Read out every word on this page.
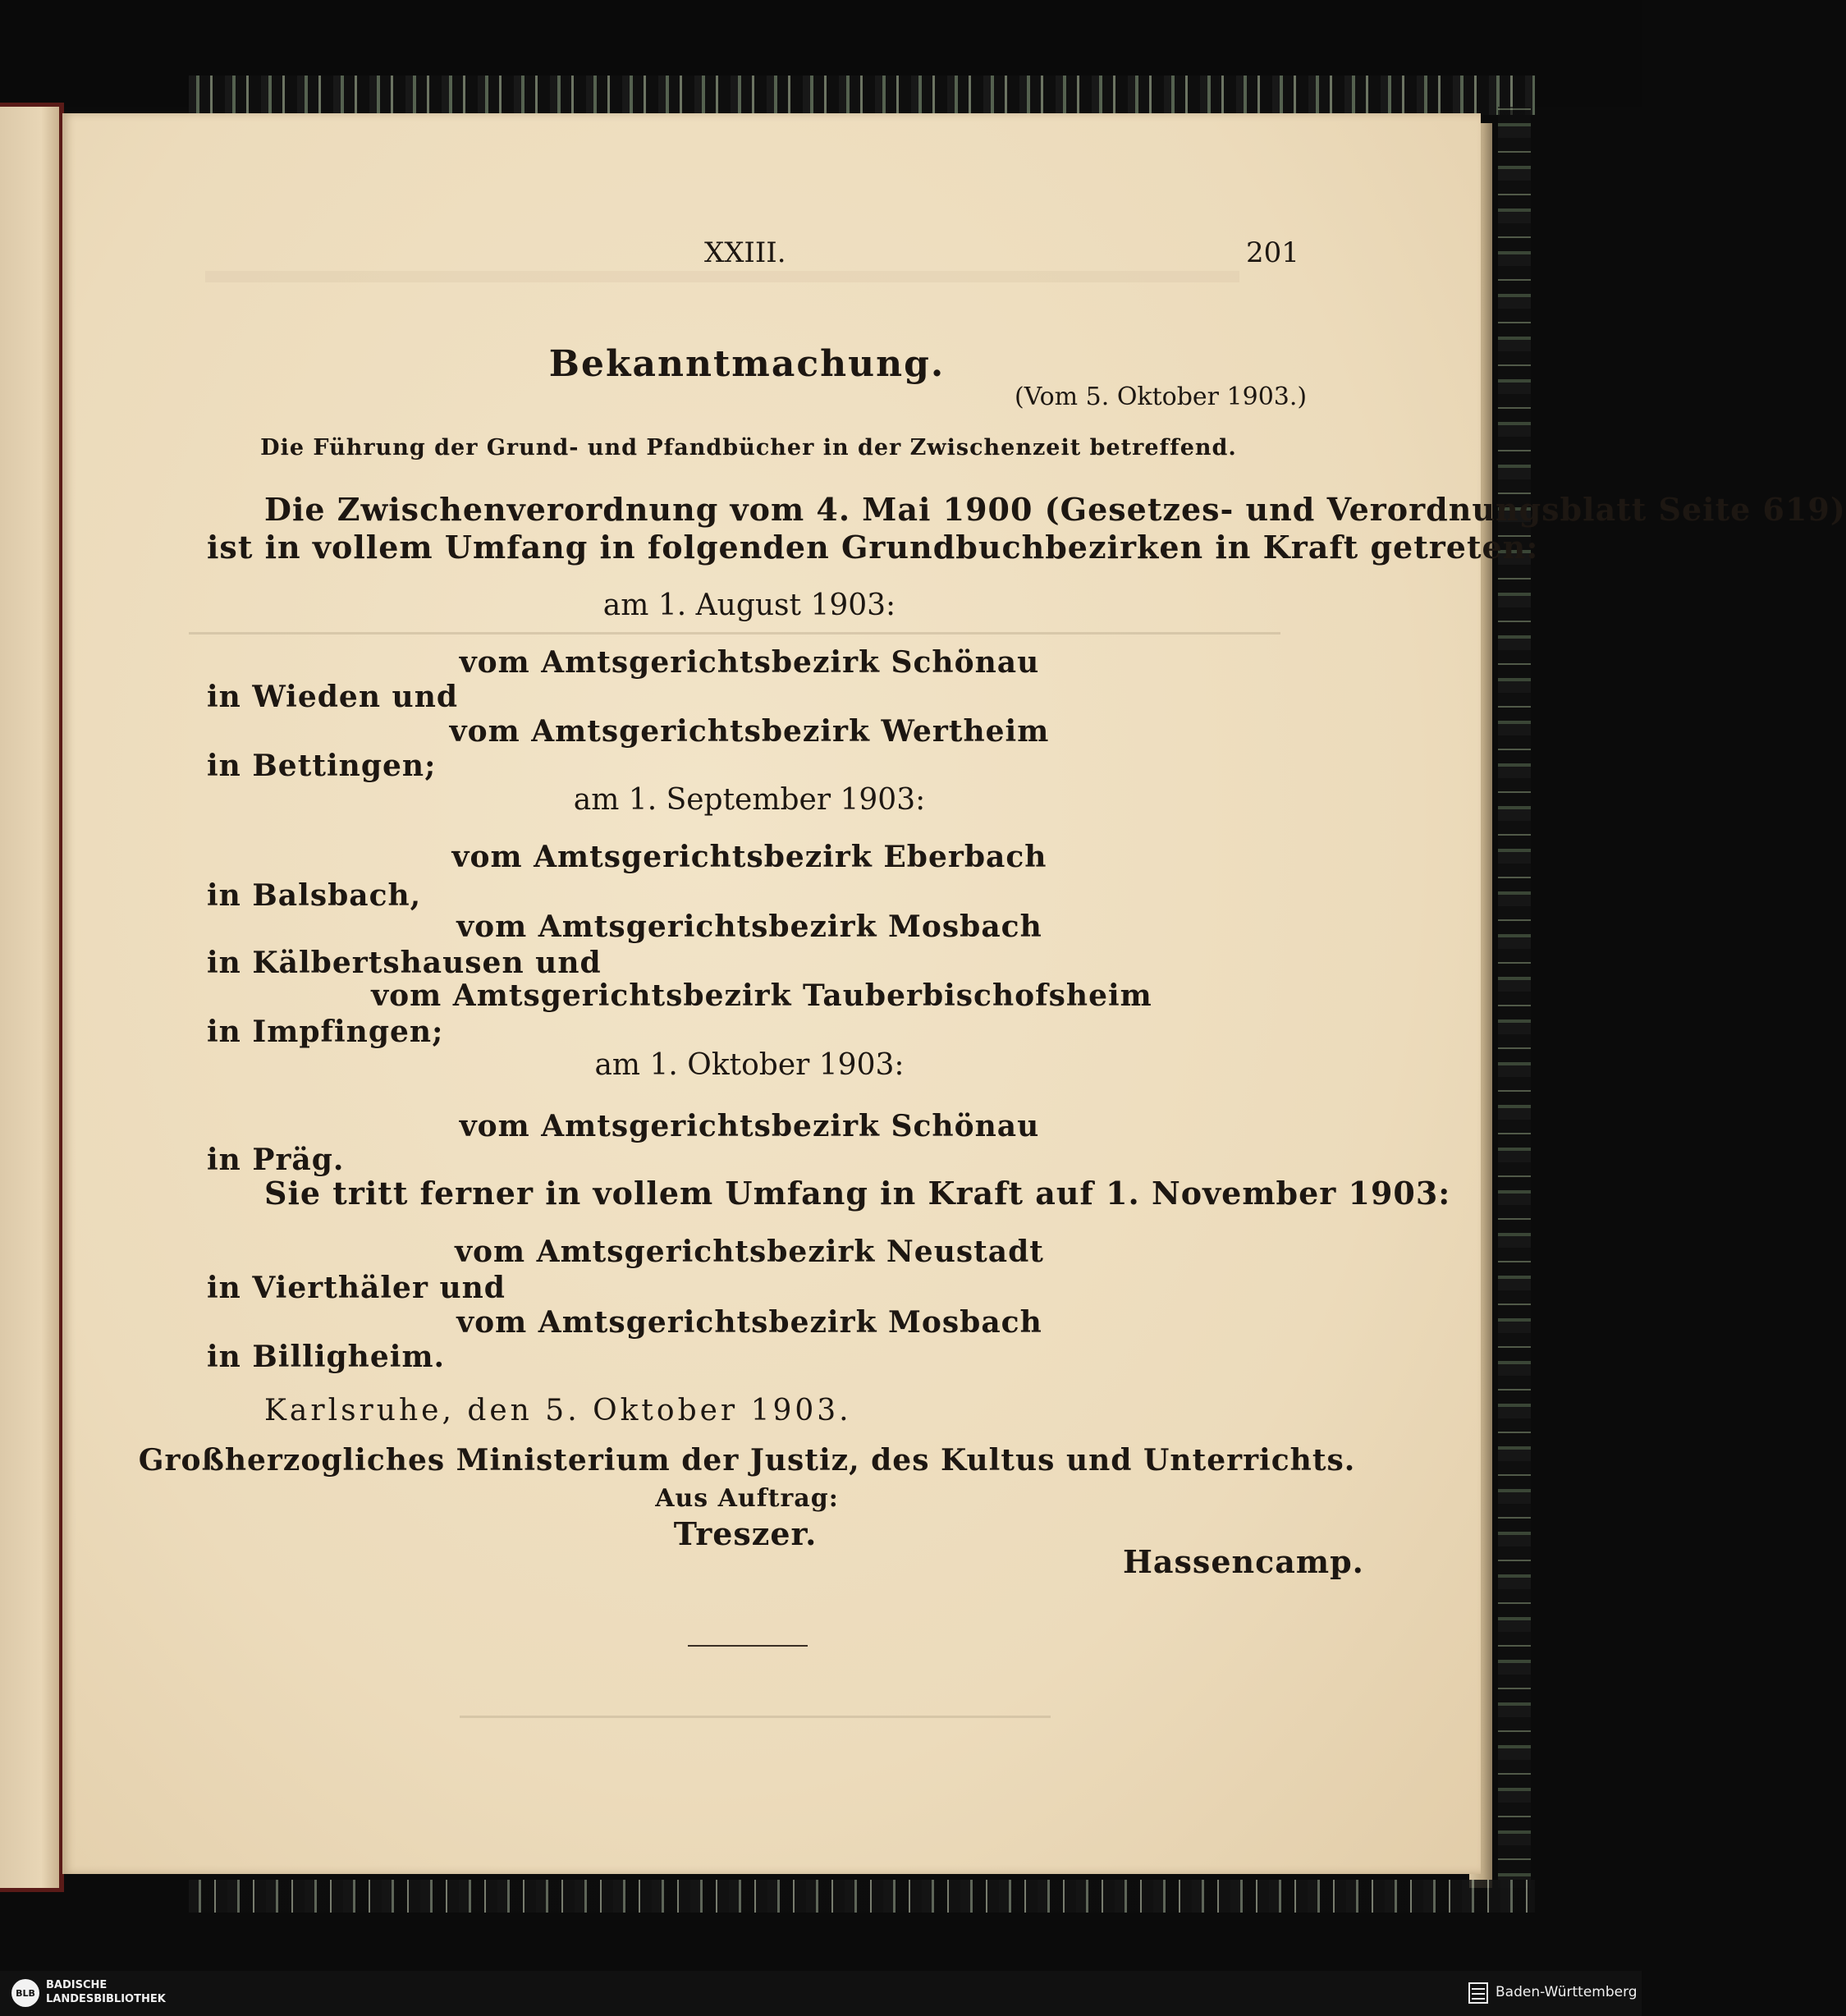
XXIII.	201
Bekanntmachung.
(Vom 5. Oktober 1903.)
Die Führung der Grund- und Pfandbücher in der Zwischenzeit betreffend.
Die Zwischenverordnung vom 4. Mai 1900 (Gesetzes- und Verordnungsblatt Seite 619)
ist in vollem Umfang in folgenden Grundbuchbezirken in Kraft getreten:
am 1. August 1903:
vom Amtsgerichtsbezirk Schönau
in Wieden und
vom Amtsgerichtsbezirk Wertheim
in Bettingen;
am 1. September 1903:
vom Amtsgerichtsbezirk Eberbach
in Balsbach,
vom Amtsgerichtsbezirk Mosbach
in Kälbertshausen und
vom Amtsgerichtsbezirk Tauberbischofsheim
in Impfingen;
am 1. Oktober 1903:
vom Amtsgerichtsbezirk Schönau
in Präg.
Sie tritt ferner in vollem Umfang in Kraft auf 1. November 1903:
vom Amtsgerichtsbezirk Neustadt
in Vierthäler und
vom Amtsgerichtsbezirk Mosbach
in Billigheim.
Karlsruhe, den 5. Oktober 1903.
Großherzogliches Ministerium der Justiz, des Kultus und Unterrichts.
Aus Auftrag:
Treszer.
Hassencamp.
BLB
BADISCHE
LANDESBIBLIOTHEK	Baden-Württemberg
